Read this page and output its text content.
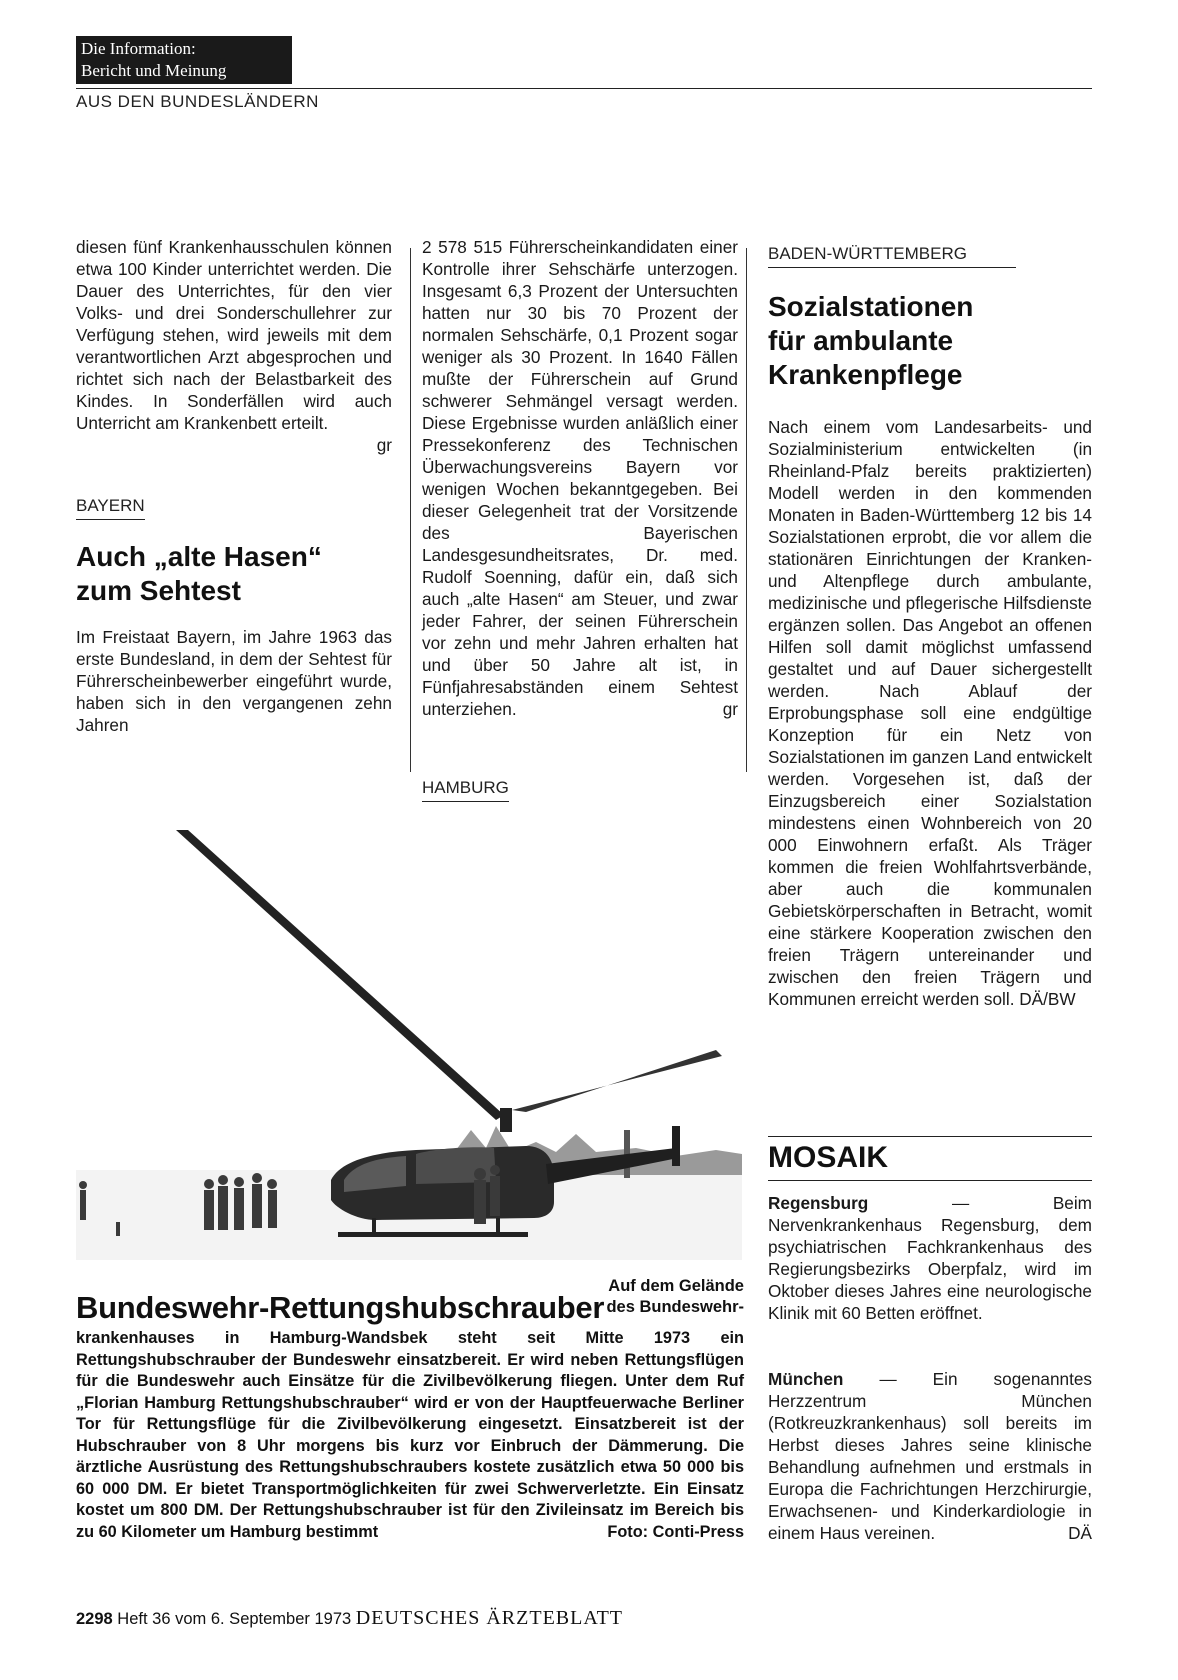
Die Information:
Bericht und Meinung
AUS DEN BUNDESLÄNDERN

diesen fünf Krankenhausschulen können etwa 100 Kinder unterrichtet werden. Die Dauer des Unterrichtes, für den vier Volks- und drei Sonderschullehrer zur Verfügung stehen, wird jeweils mit dem verantwortlichen Arzt abgesprochen und richtet sich nach der Belastbarkeit des Kindes. In Sonderfällen wird auch Unterricht am Krankenbett erteilt.

gr

BAYERN
Auch „alte Hasen“
zum Sehtest

Im Freistaat Bayern, im Jahre 1963 das erste Bundesland, in dem der Sehtest für Führerscheinbewerber eingeführt wurde, haben sich in den vergangenen zehn Jahren

2 578 515 Führerscheinkandidaten einer Kontrolle ihrer Sehschärfe unterzogen. Insgesamt 6,3 Prozent der Untersuchten hatten nur 30 bis 70 Prozent der normalen Sehschärfe, 0,1 Prozent sogar weniger als 30 Prozent. In 1640 Fällen mußte der Führerschein auf Grund schwerer Sehmängel versagt werden. Diese Ergebnisse wurden anläßlich einer Pressekonferenz des Technischen Überwachungsvereins Bayern vor wenigen Wochen bekanntgegeben. Bei dieser Gelegenheit trat der Vorsitzende des Bayerischen Landesgesundheitsrates, Dr. med. Rudolf Soenning, dafür ein, daß sich auch „alte Hasen“ am Steuer, und zwar jeder Fahrer, der seinen Führerschein vor zehn und mehr Jahren erhalten hat und über 50 Jahre alt ist, in Fünfjahresabständen einem Sehtest unterziehen.	gr

HAMBURG
BADEN-WÜRTTEMBERG
Sozialstationen
für ambulante
Krankenpflege

Nach einem vom Landesarbeits- und Sozialministerium entwickelten (in Rheinland-Pfalz bereits praktizierten) Modell werden in den kommenden Monaten in Baden-Württemberg 12 bis 14 Sozialstationen erprobt, die vor allem die stationären Einrichtungen der Kranken- und Altenpflege durch ambulante, medizinische und pflegerische Hilfsdienste ergänzen sollen. Das Angebot an offenen Hilfen soll damit möglichst umfassend gestaltet und auf Dauer sichergestellt werden. Nach Ablauf der Erprobungsphase soll eine endgültige Konzeption für ein Netz von Sozialstationen im ganzen Land entwickelt werden. Vorgesehen ist, daß der Einzugsbereich einer Sozialstation mindestens einen Wohnbereich von 20 000 Einwohnern erfaßt. Als Träger kommen die freien Wohlfahrtsverbände, aber auch die kommunalen Gebietskörperschaften in Betracht, womit eine stärkere Kooperation zwischen den freien Trägern untereinander und zwischen den freien Trägern und Kommunen erreicht werden soll. DÄ/BW

MOSAIK

Regensburg — Beim Nervenkrankenhaus Regensburg, dem psychiatrischen Fachkrankenhaus des Regierungsbezirks Oberpfalz, wird im Oktober dieses Jahres eine neurologische Klinik mit 60 Betten eröffnet.

München — Ein sogenanntes Herzzentrum München (Rotkreuzkrankenhaus) soll bereits im Herbst dieses Jahres seine klinische Behandlung aufnehmen und erstmals in Europa die Fachrichtungen Herzchirurgie, Erwachsenen- und Kinderkardiologie in einem Haus vereinen.	DÄ

Bundeswehr-Rettungshubschrauber
Auf dem Gelände
des Bundeswehr-
krankenhauses in Hamburg-Wandsbek steht seit Mitte 1973 ein Rettungshubschrauber der Bundeswehr einsatzbereit. Er wird neben Rettungsflügen für die Bundeswehr auch Einsätze für die Zivilbevölkerung fliegen. Unter dem Ruf „Florian Hamburg Rettungshubschrauber“ wird er von der Hauptfeuerwache Berliner Tor für Rettungsflüge für die Zivilbevölkerung eingesetzt. Einsatzbereit ist der Hubschrauber von 8 Uhr morgens bis kurz vor Einbruch der Dämmerung. Die ärztliche Ausrüstung des Rettungshubschraubers kostete zusätzlich etwa 50 000 bis 60 000 DM. Er bietet Transportmöglichkeiten für zwei Schwerverletzte. Ein Einsatz kostet um 800 DM. Der Rettungshubschrauber ist für den Zivileinsatz im Bereich bis zu 60 Kilometer um Hamburg bestimmt	Foto: Conti-Press
2298 Heft 36 vom 6. September 1973 DEUTSCHES ÄRZTEBLATT
